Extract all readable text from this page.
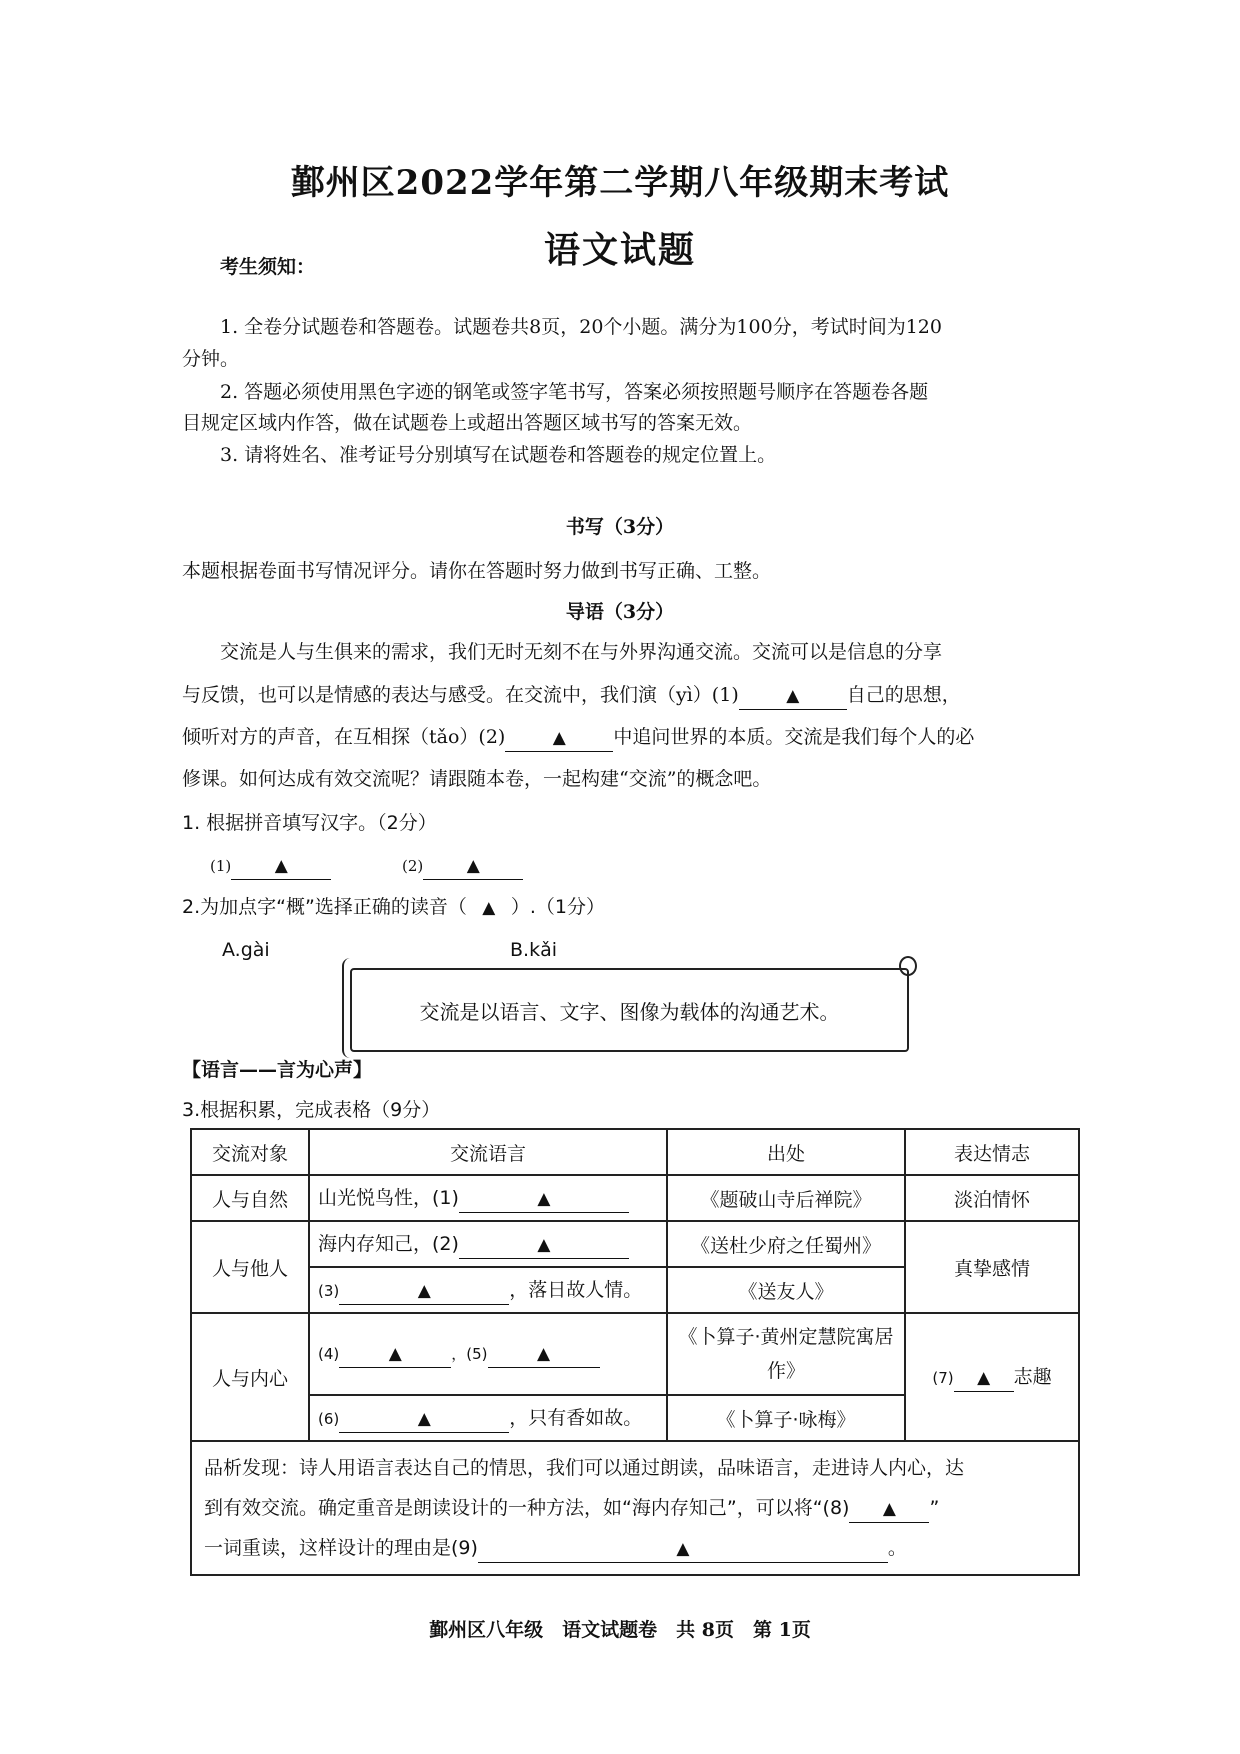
鄞州区2022学年第二学期八年级期末考试
语文试题
考生须知：
1. 全卷分试题卷和答题卷。试题卷共8页，20个小题。满分为100分，考试时间为120
分钟。
2. 答题必须使用黑色字迹的钢笔或签字笔书写，答案必须按照题号顺序在答题卷各题
目规定区域内作答，做在试题卷上或超出答题区域书写的答案无效。
3. 请将姓名、准考证号分别填写在试题卷和答题卷的规定位置上。
书写（3分）
本题根据卷面书写情况评分。请你在答题时努力做到书写正确、工整。
导语（3分）
交流是人与生俱来的需求，我们无时无刻不在与外界沟通交流。交流可以是信息的分享
与反馈，也可以是情感的表达与感受。在交流中，我们演（yì）(1)	▲ 自己的思想，
倾听对方的声音，在互相探（tǎo）(2)	▲ 中追问世界的本质。交流是我们每个人的必
修课。如何达成有效交流呢？请跟随本卷，一起构建“交流”的概念吧。
1. 根据拼音填写汉字。（2分）
(1)	▲	(2)	▲
2.为加点字“概”选择正确的读音（ ▲ ）.（1分）
A.gài	B.kǎi
交流是以语言、文字、图像为载体的沟通艺术。
【语言——言为心声】
3.根据积累，完成表格（9分）
交流对象	交流语言	出处	表达情志
人与自然	山光悦鸟性，(1) ▲	《题破山寺后禅院》	淡泊情怀
人与他人	海内存知己，(2) ▲	《送杜少府之任蜀州》	真挚感情
	(3) ▲ ，落日故人情。	《送友人》	
人与内心	(4) ▲ ，(5) ▲	《卜算子·黄州定慧院寓居作》	(7) ▲ 志趣
	(6) ▲ ，只有香如故。	《卜算子·咏梅》	

品析发现：诗人用语言表达自己的情思，我们可以通过朗读，品味语言，走进诗人内心，达
到有效交流。确定重音是朗读设计的一种方法，如“海内存知己”，可以将“(8) ▲ ”
一词重读，这样设计的理由是(9) ▲ 。			
鄞州区八年级　语文试题卷　共 8页　第 1页
